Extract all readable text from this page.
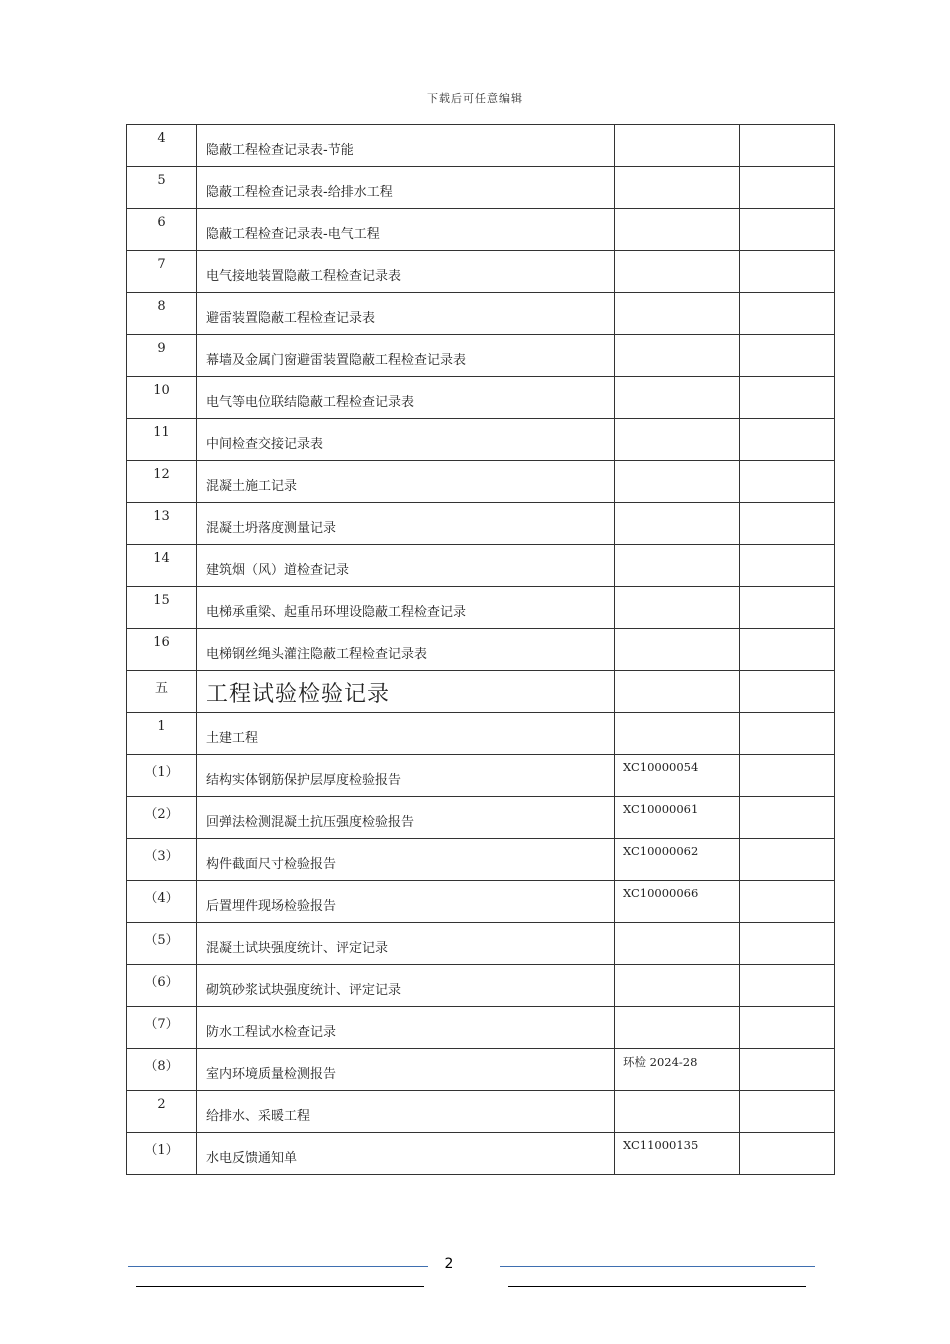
下载后可任意编辑
4	隐蔽工程检查记录表-节能		

5	隐蔽工程检查记录表-给排水工程		

6	隐蔽工程检查记录表-电气工程		

7	电气接地装置隐蔽工程检查记录表		

8	避雷装置隐蔽工程检查记录表		

9	幕墙及金属门窗避雷装置隐蔽工程检查记录表		

10	电气等电位联结隐蔽工程检查记录表		

11	中间检查交接记录表		

12	混凝土施工记录		

13	混凝土坍落度测量记录		

14	建筑烟（风）道检查记录		

15	电梯承重梁、起重吊环埋设隐蔽工程检查记录		

16	电梯钢丝绳头灌注隐蔽工程检查记录表		

五	工程试验检验记录		

1	土建工程		

（1）	结构实体钢筋保护层厚度检验报告	XC10000054	

（2）	回弹法检测混凝土抗压强度检验报告	XC10000061	

（3）	构件截面尺寸检验报告	XC10000062	

（4）	后置埋件现场检验报告	XC10000066	

（5）	混凝土试块强度统计、评定记录		

（6）	砌筑砂浆试块强度统计、评定记录		

（7）	防水工程试水检查记录		

（8）	室内环境质量检测报告	环检 2024-28	

2	给排水、采暖工程		

（1）	水电反馈通知单	XC11000135	

2
